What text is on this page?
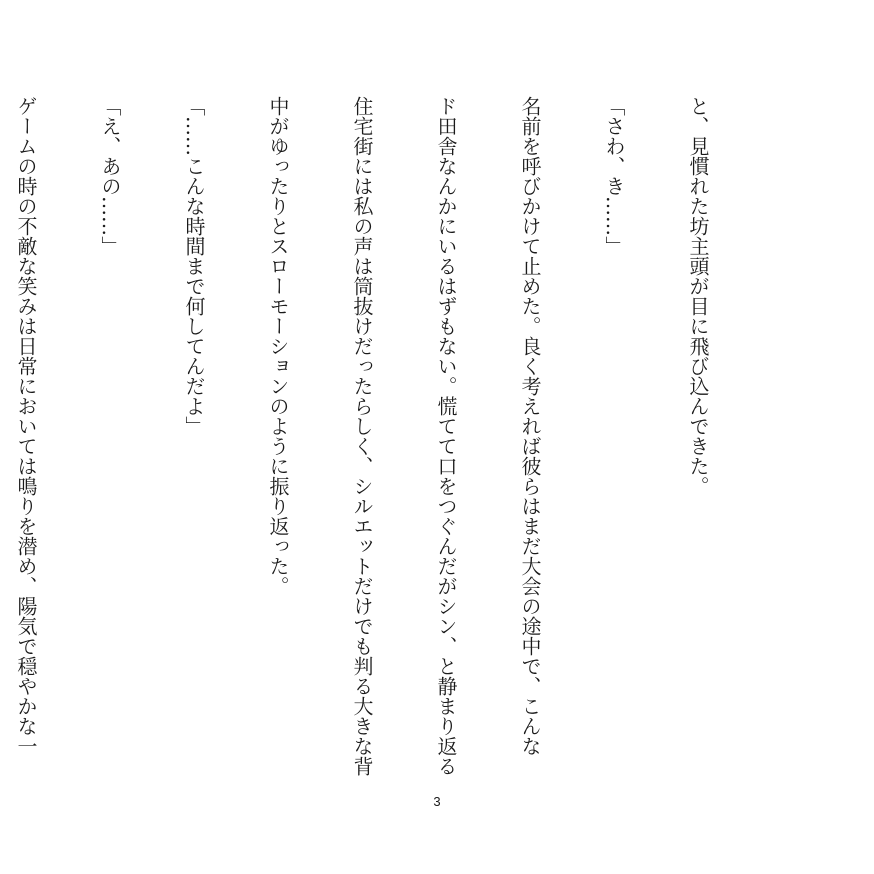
と、見慣れた坊主頭が目に飛び込んできた。

「さわ、き……」

名前を呼びかけて止めた。良く考えれば彼らはまだ大会の途中で、こんな

ド田舎なんかにいるはずもない。慌てて口をつぐんだがシン、と静まり返る

住宅街には私の声は筒抜けだったらしく、シルエットだけでも判る大きな背

中がゆったりとスローモーションのように振り返った。

「……こんな時間まで何してんだよ」

「え、あの……」

ゲームの時の不敵な笑みは日常においては鳴りを潜め、陽気で穏やかな一

3
